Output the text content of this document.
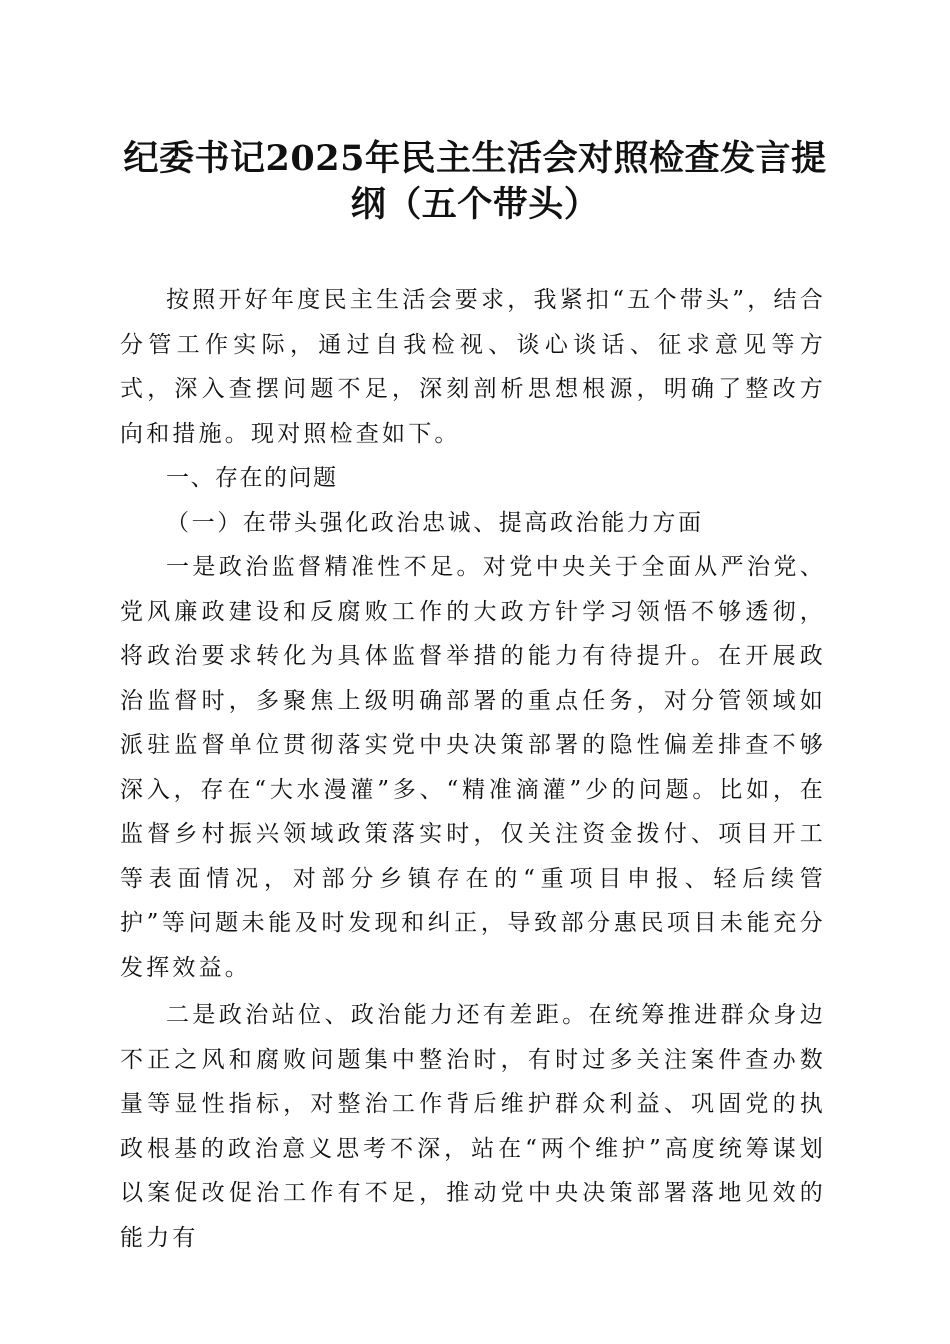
纪委书记2025年民主生活会对照检查发言提纲（五个带头）

按照开好年度民主生活会要求，我紧扣“五个带头”，结合分管工作实际，通过自我检视、谈心谈话、征求意见等方式，深入查摆问题不足，深刻剖析思想根源，明确了整改方向和措施。现对照检查如下。

一、存在的问题

（一）在带头强化政治忠诚、提高政治能力方面

一是政治监督精准性不足。对党中央关于全面从严治党、党风廉政建设和反腐败工作的大政方针学习领悟不够透彻，将政治要求转化为具体监督举措的能力有待提升。在开展政治监督时，多聚焦上级明确部署的重点任务，对分管领域如派驻监督单位贯彻落实党中央决策部署的隐性偏差排查不够深入，存在“大水漫灌”多、“精准滴灌”少的问题。比如，在监督乡村振兴领域政策落实时，仅关注资金拨付、项目开工等表面情况，对部分乡镇存在的“重项目申报、轻后续管护”等问题未能及时发现和纠正，导致部分惠民项目未能充分发挥效益。

二是政治站位、政治能力还有差距。在统筹推进群众身边不正之风和腐败问题集中整治时，有时过多关注案件查办数量等显性指标，对整治工作背后维护群众利益、巩固党的执政根基的政治意义思考不深，站在“两个维护”高度统筹谋划以案促改促治工作有不足，推动党中央决策部署落地见效的能力有
